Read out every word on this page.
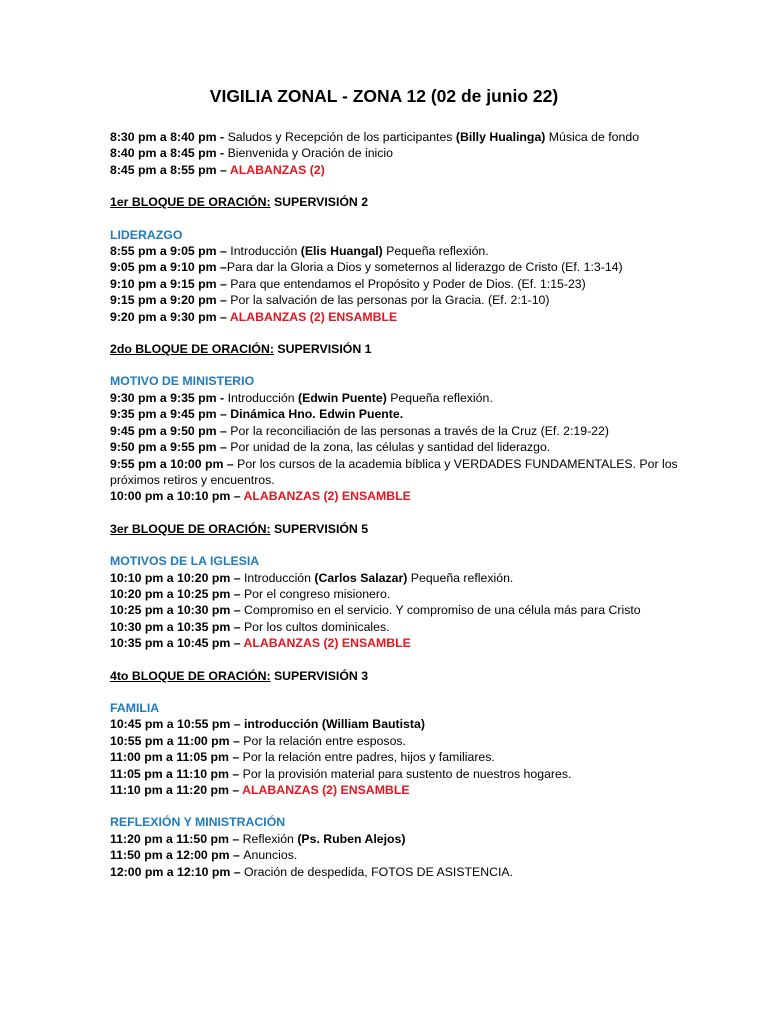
VIGILIA ZONAL - ZONA 12 (02 de junio 22)
8:30 pm a 8:40 pm - Saludos y Recepción de los participantes (Billy Hualinga) Música de fondo
8:40 pm a 8:45 pm - Bienvenida y Oración de inicio
8:45 pm a 8:55 pm – ALABANZAS (2)
1er BLOQUE DE ORACIÓN: SUPERVISIÓN 2
LIDERAZGO
8:55 pm a 9:05 pm – Introducción (Elis Huangal) Pequeña reflexión.
9:05 pm a 9:10 pm –Para dar la Gloria a Dios y someternos al liderazgo de Cristo (Ef. 1:3-14)
9:10 pm a 9:15 pm – Para que entendamos el Propósito y Poder de Dios. (Ef. 1:15-23)
9:15 pm a 9:20 pm – Por la salvación de las personas por la Gracia. (Ef. 2:1-10)
9:20 pm a 9:30 pm – ALABANZAS (2) ENSAMBLE
2do BLOQUE DE ORACIÓN: SUPERVISIÓN 1
MOTIVO DE MINISTERIO
9:30 pm a 9:35 pm - Introducción (Edwin Puente) Pequeña reflexión.
9:35 pm a 9:45 pm – Dinámica Hno. Edwin Puente.
9:45 pm a 9:50 pm – Por la reconciliación de las personas a través de la Cruz (Ef. 2:19-22)
9:50 pm a 9:55 pm – Por unidad de la zona, las células y santidad del liderazgo.
9:55 pm a 10:00 pm – Por los cursos de la academia bíblica y VERDADES FUNDAMENTALES. Por los próximos retiros y encuentros.
10:00 pm a 10:10 pm – ALABANZAS (2) ENSAMBLE
3er BLOQUE DE ORACIÓN: SUPERVISIÓN 5
MOTIVOS DE LA IGLESIA
10:10 pm a 10:20 pm – Introducción (Carlos Salazar) Pequeña reflexión.
10:20 pm a 10:25 pm – Por el congreso misionero.
10:25 pm a 10:30 pm – Compromiso en el servicio. Y compromiso de una célula más para Cristo
10:30 pm a 10:35 pm – Por los cultos dominicales.
10:35 pm a 10:45 pm – ALABANZAS (2) ENSAMBLE
4to BLOQUE DE ORACIÓN: SUPERVISIÓN 3
FAMILIA
10:45 pm a 10:55 pm – introducción (William Bautista)
10:55 pm a 11:00 pm – Por la relación entre esposos.
11:00 pm a 11:05 pm – Por la relación entre padres, hijos y familiares.
11:05 pm a 11:10 pm – Por la provisión material para sustento de nuestros hogares.
11:10 pm a 11:20 pm – ALABANZAS (2) ENSAMBLE
REFLEXIÓN Y MINISTRACIÓN
11:20 pm a 11:50 pm – Reflexión (Ps. Ruben Alejos)
11:50 pm a 12:00 pm – Anuncios.
12:00 pm a 12:10 pm – Oración de despedida, FOTOS DE ASISTENCIA.
